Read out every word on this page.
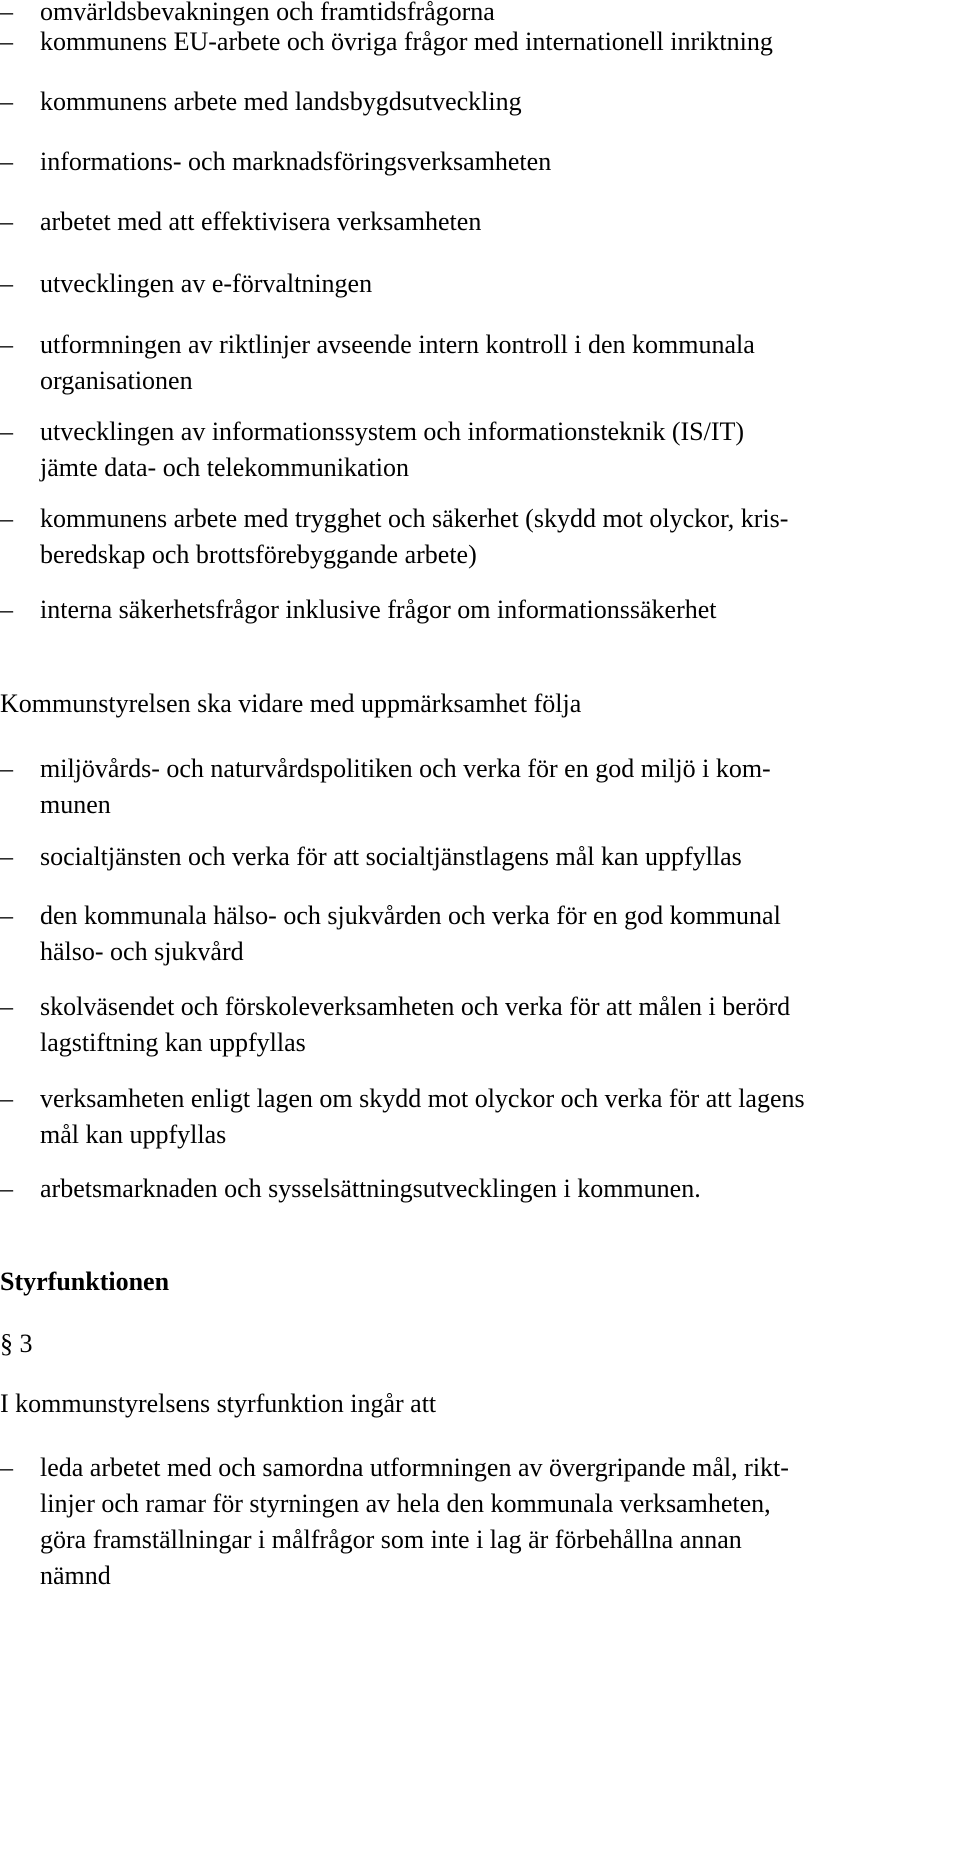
–	omvärldsbevakningen och framtidsfrågorna
–	kommunens EU-arbete och övriga frågor med internationell inriktning
–	kommunens arbete med landsbygdsutveckling
–	informations- och marknadsföringsverksamheten
–	arbetet med att effektivisera verksamheten
–	utvecklingen av e-förvaltningen
–	utformningen av riktlinjer avseende intern kontroll i den kommunala
organisationen
–	utvecklingen av informationssystem och informationsteknik (IS/IT)
jämte data- och telekommunikation
–	kommunens arbete med trygghet och säkerhet (skydd mot olyckor, kris-
beredskap och brottsförebyggande arbete)
–	interna säkerhetsfrågor inklusive frågor om informationssäkerhet
Kommunstyrelsen ska vidare med uppmärksamhet följa
–	miljövårds- och naturvårdspolitiken och verka för en god miljö i kom-
munen
–	socialtjänsten och verka för att socialtjänstlagens mål kan uppfyllas
–	den kommunala hälso- och sjukvården och verka för en god kommunal
hälso- och sjukvård
–	skolväsendet och förskoleverksamheten och verka för att målen i berörd
lagstiftning kan uppfyllas
–	verksamheten enligt lagen om skydd mot olyckor och verka för att lagens
mål kan uppfyllas
–	arbetsmarknaden och sysselsättningsutvecklingen i kommunen.
Styrfunktionen
§ 3
I kommunstyrelsens styrfunktion ingår att
–	leda arbetet med och samordna utformningen av övergripande mål, rikt-
linjer och ramar för styrningen av hela den kommunala verksamheten,
göra framställningar i målfrågor som inte i lag är förbehållna annan
nämnd
